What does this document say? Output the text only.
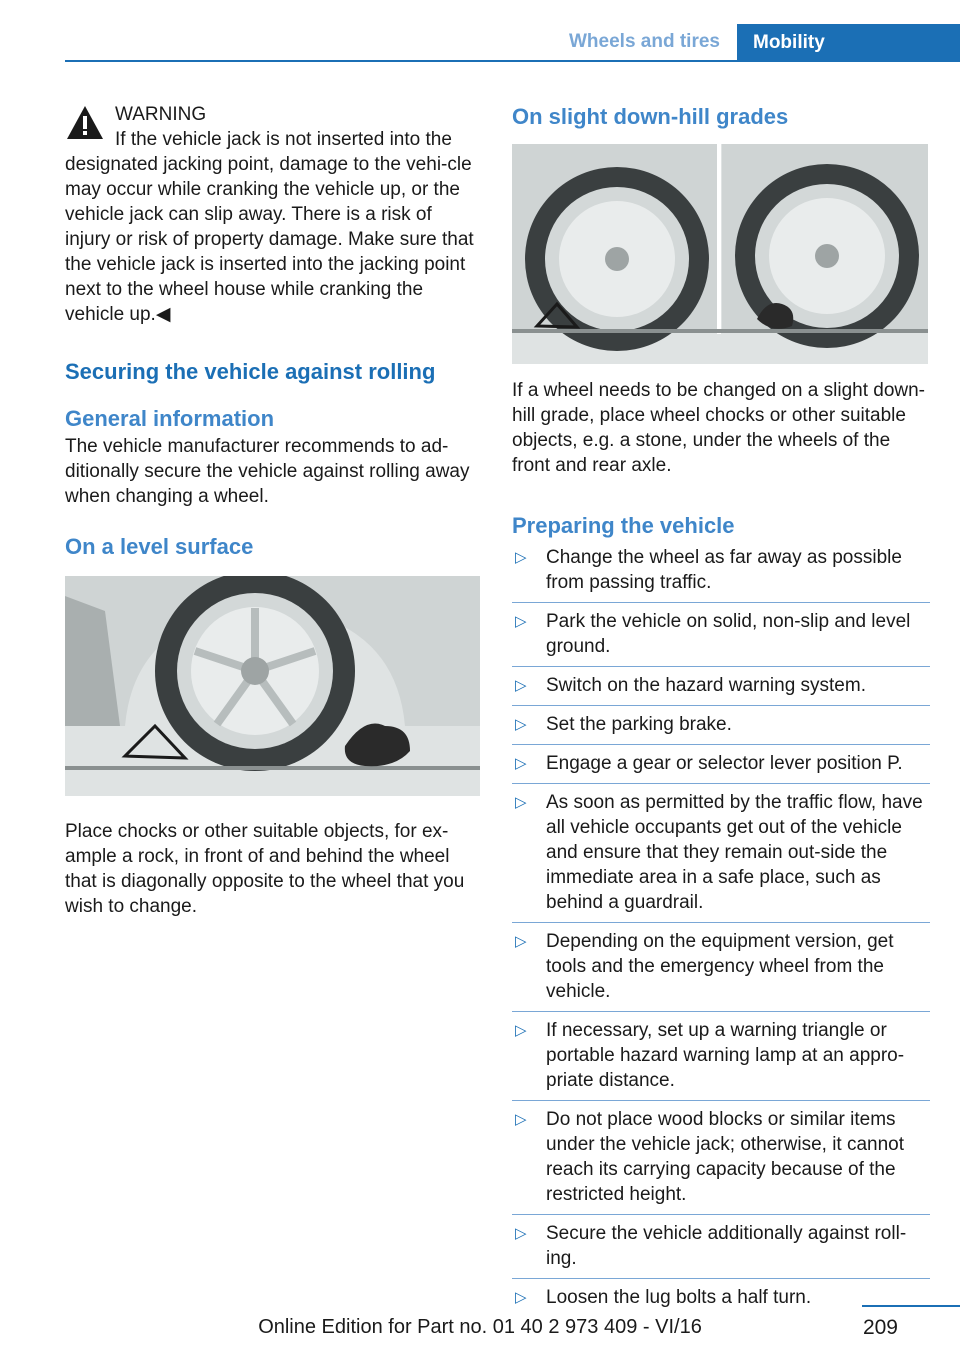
Wheels and tires	Mobility
WARNING
If the vehicle jack is not inserted into the

designated jacking point, damage to the vehi-cle may occur while cranking the vehicle up, or the vehicle jack can slip away. There is a risk of injury or risk of property damage. Make sure that the vehicle jack is inserted into the jacking point next to the wheel house while cranking the vehicle up.◀

Securing the vehicle against rolling
General information

The vehicle manufacturer recommends to ad-ditionally secure the vehicle against rolling away when changing a wheel.

On a level surface

Place chocks or other suitable objects, for ex-ample a rock, in front of and behind the wheel that is diagonally opposite to the wheel that you wish to change.

On slight down-hill grades

If a wheel needs to be changed on a slight down-hill grade, place wheel chocks or other suitable objects, e.g. a stone, under the wheels of the front and rear axle.

Preparing the vehicle
▷ Change the wheel as far away as possible from passing traffic.
▷ Park the vehicle on solid, non-slip and level ground.
▷ Switch on the hazard warning system.
▷ Set the parking brake.
▷ Engage a gear or selector lever position P.
▷ As soon as permitted by the traffic flow, have all vehicle occupants get out of the vehicle and ensure that they remain out-side the immediate area in a safe place, such as behind a guardrail.
▷ Depending on the equipment version, get tools and the emergency wheel from the vehicle.
▷ If necessary, set up a warning triangle or portable hazard warning lamp at an appro-priate distance.
▷ Do not place wood blocks or similar items under the vehicle jack; otherwise, it cannot reach its carrying capacity because of the restricted height.
▷ Secure the vehicle additionally against roll-ing.
▷ Loosen the lug bolts a half turn.
209
Online Edition for Part no. 01 40 2 973 409 - VI/16
